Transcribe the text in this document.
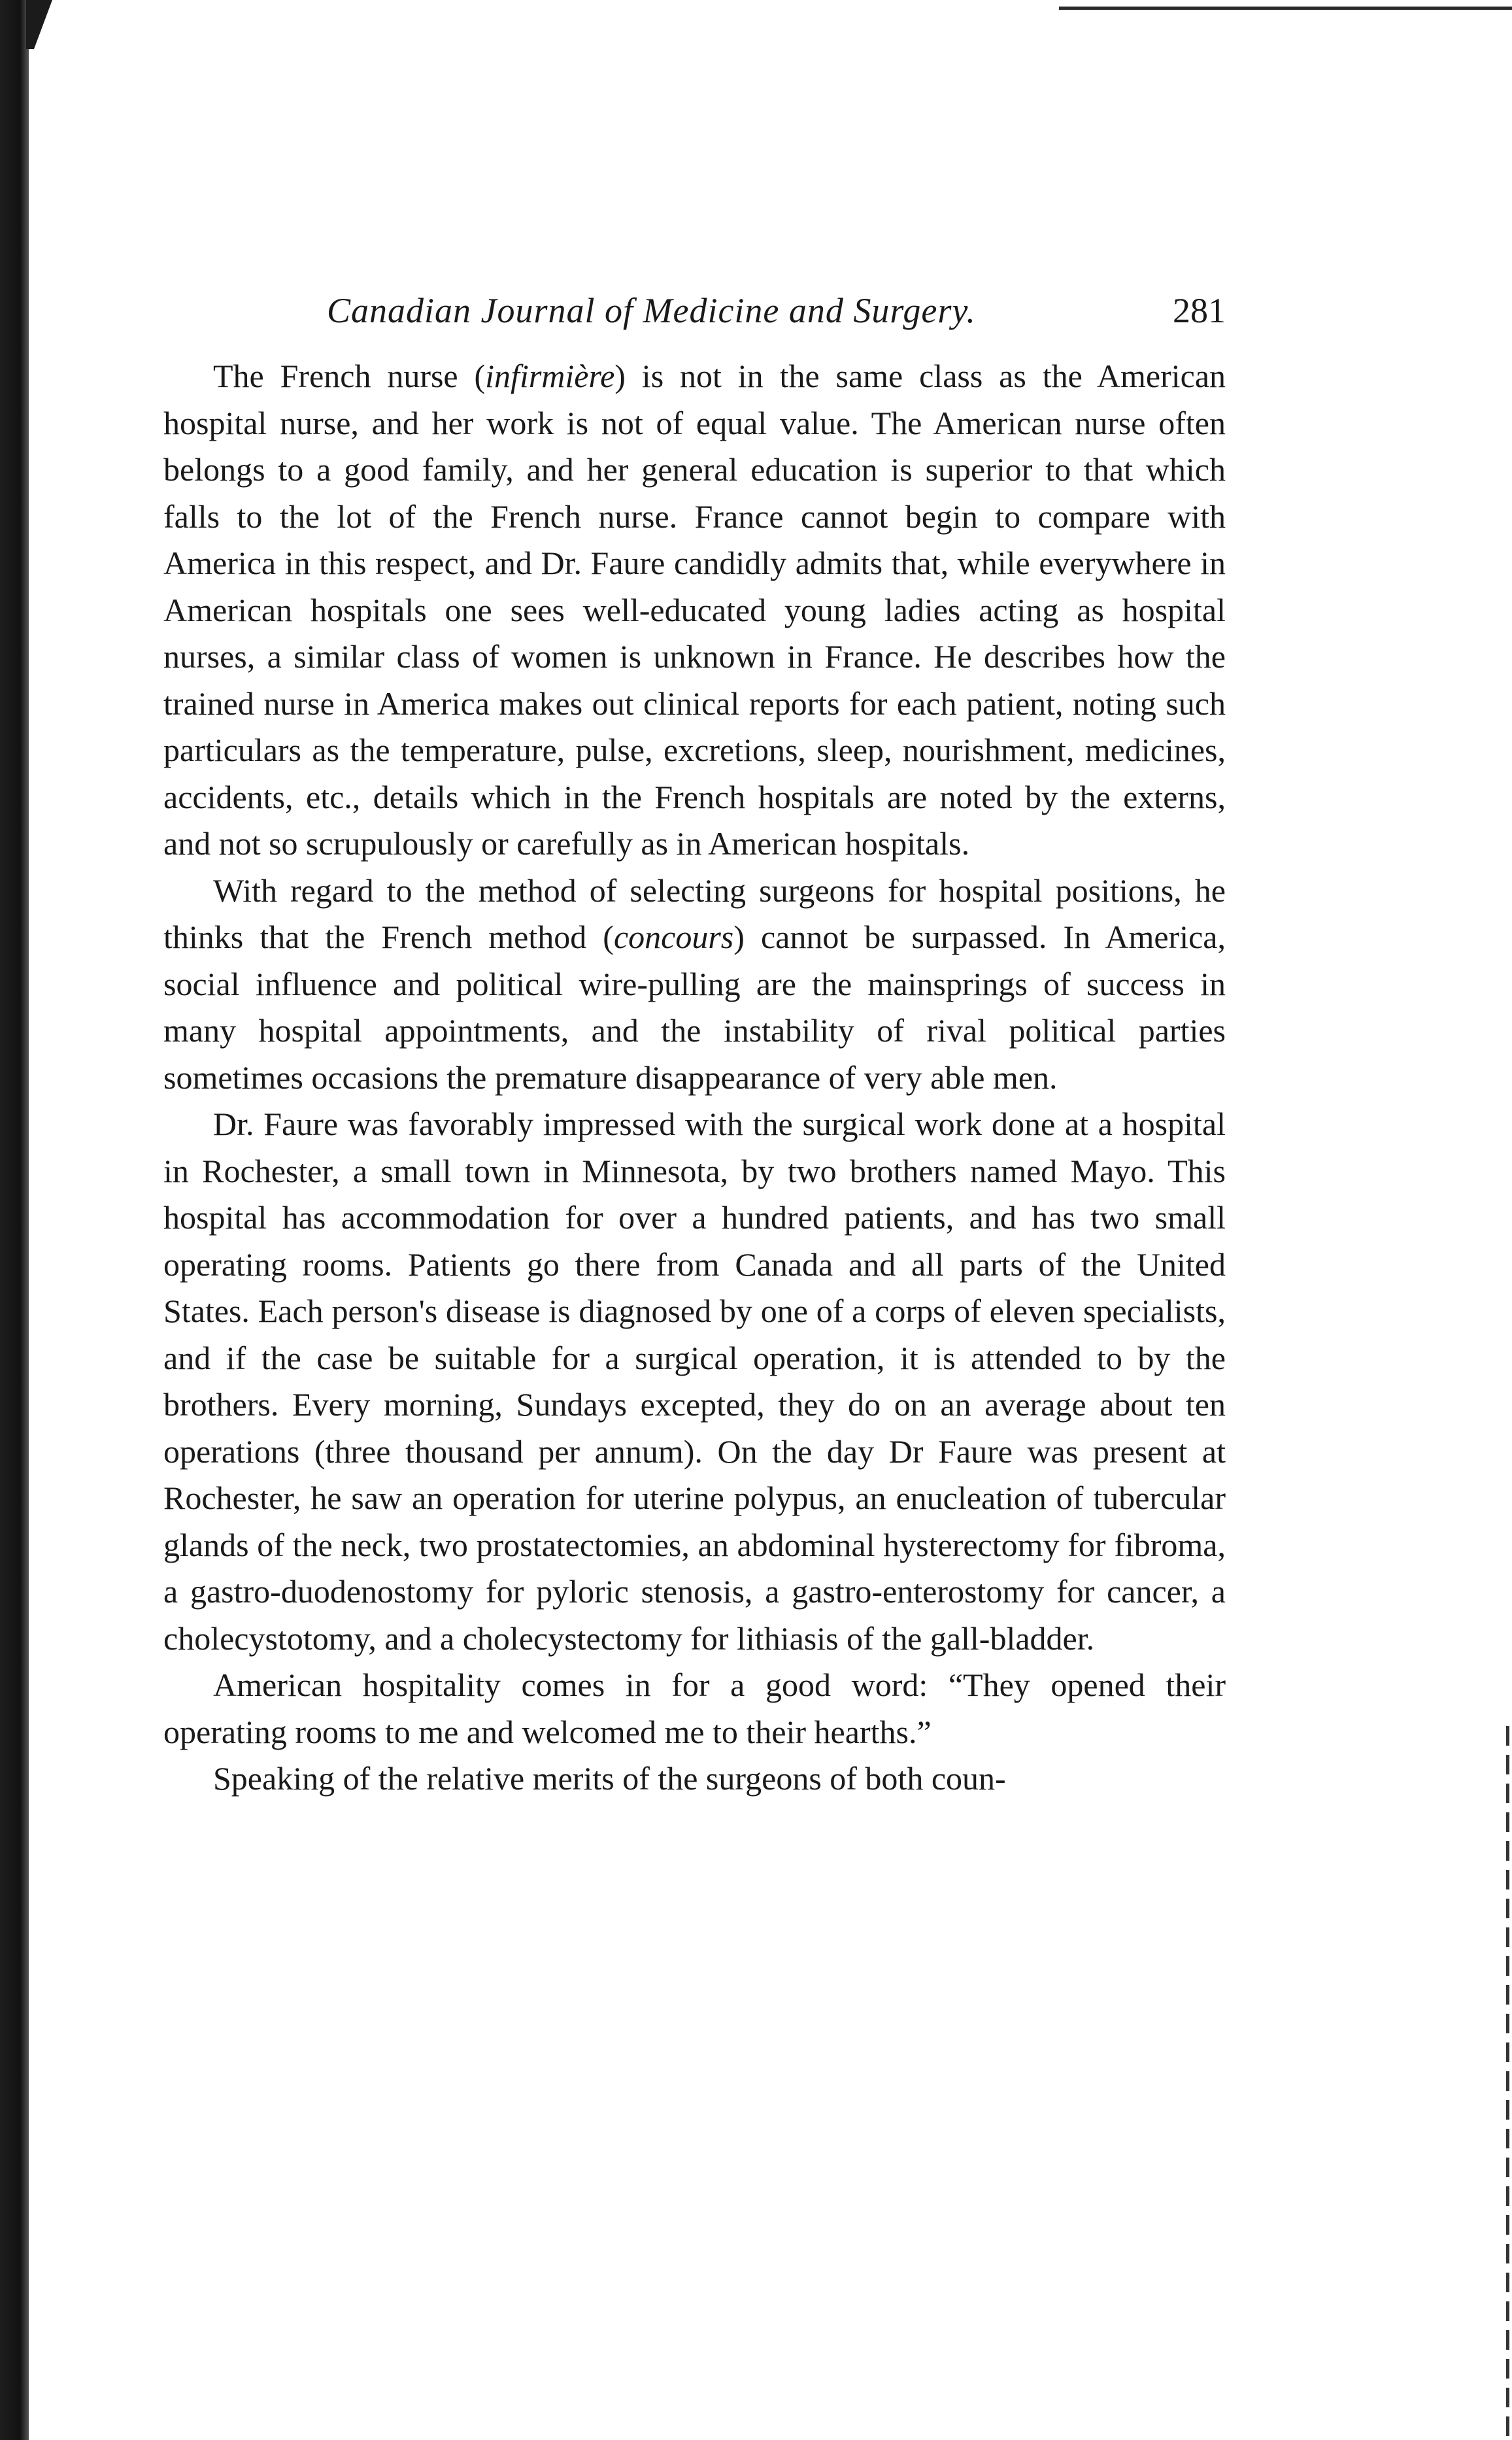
Canadian Journal of Medicine and Surgery.	281

The French nurse (infirmière) is not in the same class as the American hospital nurse, and her work is not of equal value. The American nurse often belongs to a good family, and her general education is superior to that which falls to the lot of the French nurse. France cannot begin to compare with America in this respect, and Dr. Faure candidly admits that, while everywhere in American hospitals one sees well-educated young ladies acting as hospital nurses, a similar class of women is unknown in France. He describes how the trained nurse in America makes out clinical reports for each patient, noting such particulars as the temperature, pulse, excretions, sleep, nourishment, medicines, accidents, etc., details which in the French hospitals are noted by the externs, and not so scrupulously or carefully as in American hospitals.

With regard to the method of selecting surgeons for hospital positions, he thinks that the French method (concours) cannot be surpassed. In America, social influence and political wire-pulling are the mainsprings of success in many hospital appointments, and the instability of rival political parties sometimes occasions the premature disappearance of very able men.

Dr. Faure was favorably impressed with the surgical work done at a hospital in Rochester, a small town in Minnesota, by two brothers named Mayo. This hospital has accommodation for over a hundred patients, and has two small operating rooms. Patients go there from Canada and all parts of the United States. Each person's disease is diagnosed by one of a corps of eleven specialists, and if the case be suitable for a surgical operation, it is attended to by the brothers. Every morning, Sundays excepted, they do on an average about ten operations (three thousand per annum). On the day Dr Faure was present at Rochester, he saw an operation for uterine polypus, an enucleation of tubercular glands of the neck, two prostatectomies, an abdominal hysterectomy for fibroma, a gastro-duodenostomy for pyloric stenosis, a gastro-enterostomy for cancer, a cholecystotomy, and a cholecystectomy for lithiasis of the gall-bladder.

American hospitality comes in for a good word: “They opened their operating rooms to me and welcomed me to their hearths.”

Speaking of the relative merits of the surgeons of both coun-
